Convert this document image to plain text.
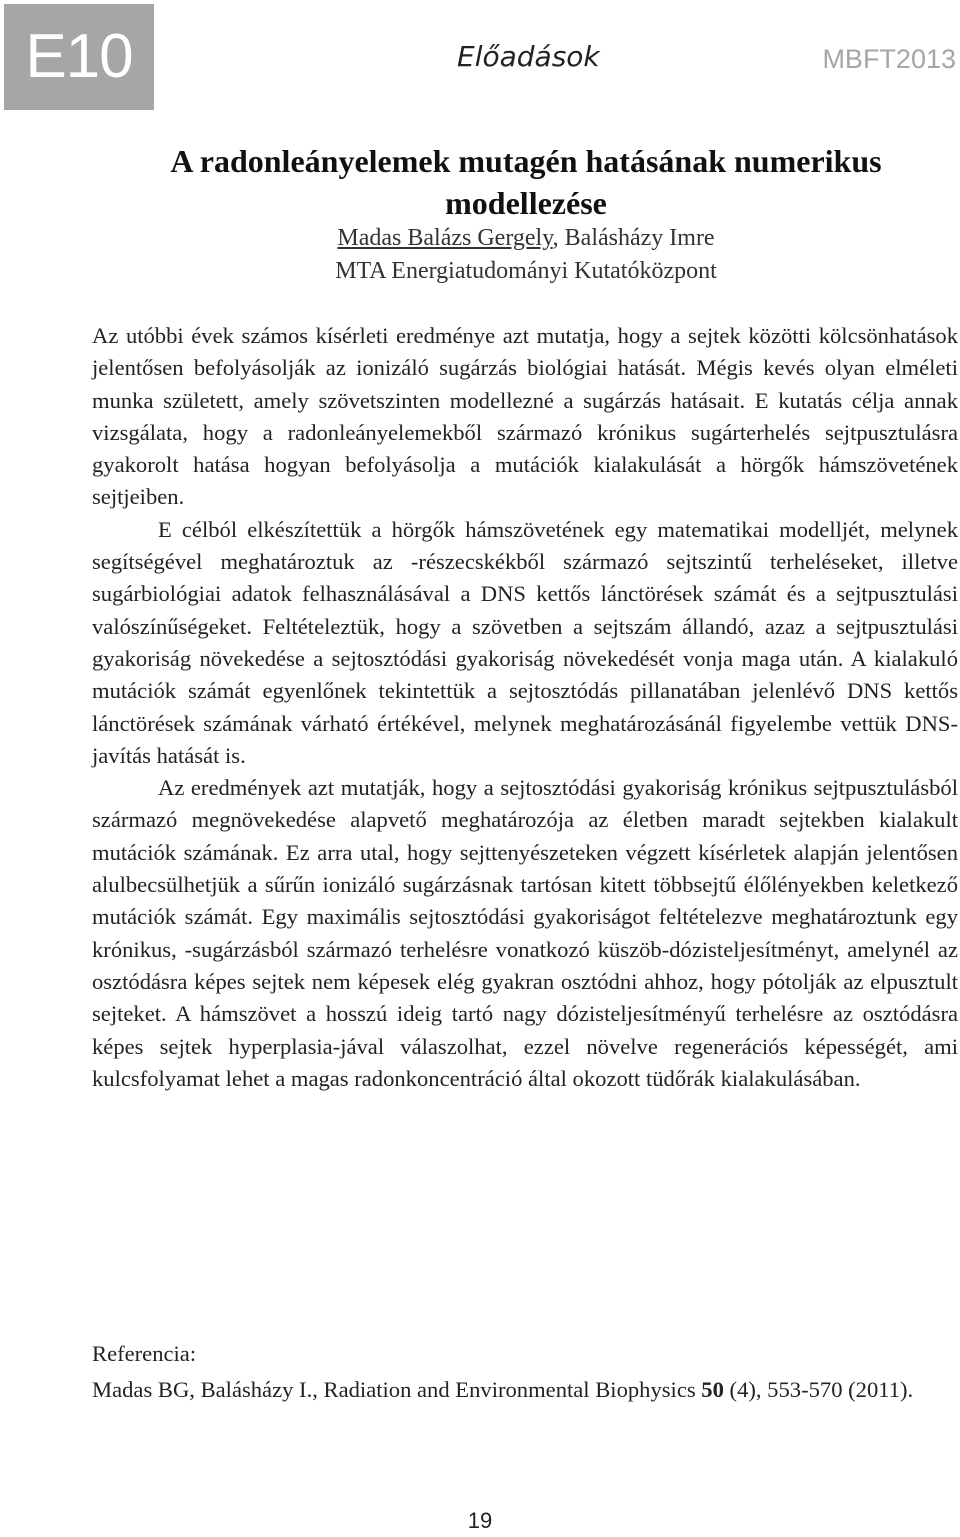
E10	Előadások	MBFT2013
A radonleányelemek mutagén hatásának numerikus modellezése
Madas Balázs Gergely, Balásházy Imre
MTA Energiatudományi Kutatóközpont

Az utóbbi évek számos kísérleti eredménye azt mutatja, hogy a sejtek közötti kölcsönhatások jelentősen befolyásolják az ionizáló sugárzás biológiai hatását. Mégis kevés olyan elméleti munka született, amely szövetszinten modellezné a sugárzás hatásait. E kutatás célja annak vizsgálata, hogy a radonleányelemekből származó krónikus sugárterhelés sejtpusztulásra gyakorolt hatása hogyan befolyásolja a mutációk kialakulását a hörgők hámszövetének sejtjeiben.

E célból elkészítettük a hörgők hámszövetének egy matematikai modelljét, melynek segítségével meghatároztuk az -részecskékből származó sejtszintű terheléseket, illetve sugárbiológiai adatok felhasználásával a DNS kettős lánctörések számát és a sejtpusztulási valószínűségeket. Feltételeztük, hogy a szövetben a sejtszám állandó, azaz a sejtpusztulási gyakoriság növekedése a sejtosztódási gyakoriság növekedését vonja maga után. A kialakuló mutációk számát egyenlőnek tekintettük a sejtosztódás pillanatában jelenlévő DNS kettős lánctörések számának várható értékével, melynek meghatározásánál figyelembe vettük DNS-javítás hatását is.

Az eredmények azt mutatják, hogy a sejtosztódási gyakoriság krónikus sejtpusztulásból származó megnövekedése alapvető meghatározója az életben maradt sejtekben kialakult mutációk számának. Ez arra utal, hogy sejttenyészeteken végzett kísérletek alapján jelentősen alulbecsülhetjük a sűrűn ionizáló sugárzásnak tartósan kitett többsejtű élőlényekben keletkező mutációk számát. Egy maximális sejtosztódási gyakoriságot feltételezve meghatároztunk egy krónikus, -sugárzásból származó terhelésre vonatkozó küszöb-dózisteljesítményt, amelynél az osztódásra képes sejtek nem képesek elég gyakran osztódni ahhoz, hogy pótolják az elpusztult sejteket. A hámszövet a hosszú ideig tartó nagy dózisteljesítményű terhelésre az osztódásra képes sejtek hyperplasia-jával válaszolhat, ezzel növelve regenerációs képességét, ami kulcsfolyamat lehet a magas radonkoncentráció által okozott tüdőrák kialakulásában.

Referencia:
Madas BG, Balásházy I., Radiation and Environmental Biophysics 50 (4), 553-570 (2011).
19
